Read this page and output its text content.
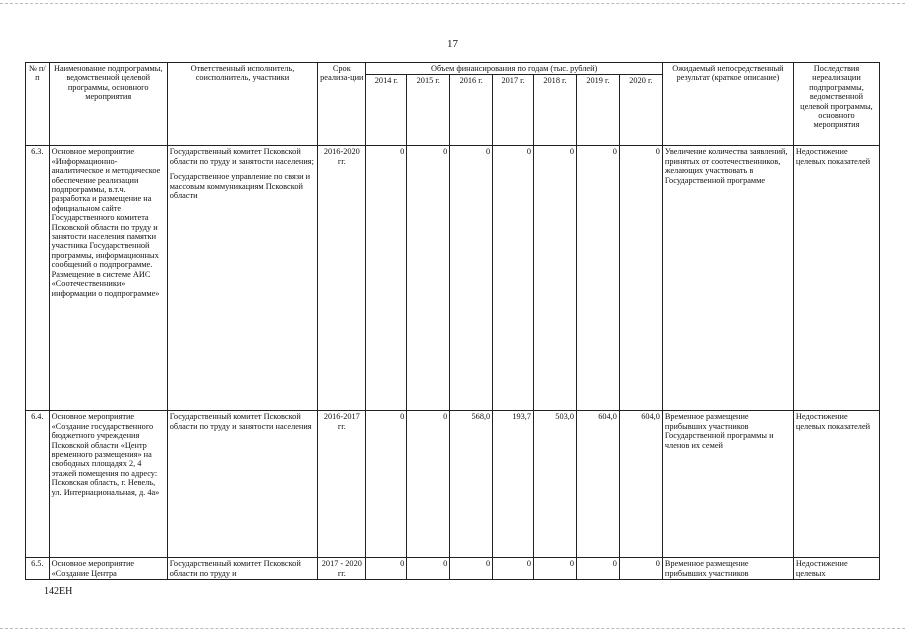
17
№ п/п	Наименование подпрограммы, ведомственной целевой программы, основного мероприятия	Ответственный исполнитель, соисполнитель, участники	Срок реализа-ции	Объем финансирования по годам (тыс. рублей)							Ожидаемый непосредственный результат (краткое описание)	Последствия нереализации подпрограммы, ведомственной целевой программы, основного мероприятия
				2014 г.	2015 г.	2016 г.	2017 г.	2018 г.	2019 г.	2020 г.		
6.3.	Основное мероприятие «Информационно-аналитическое и методическое обеспечение реализации подпрограммы, в.т.ч. разработка и размещение на официальном сайте Государственного комитета Псковской области по труду и занятости населения памятки участника Государственной программы, информационных сообщений о подпрограмме. Размещение в системе АИС «Соотечественники» информации о подпрограмме»	Государственный комитет Псковской области по труду и занятости населения;
Государственное управление по связи и массовым коммуникациям Псковской области	2016-2020 гг.	0	0	0	0	0	0	0	Увеличение количества заявлений, принятых от соотечественников, желающих участвовать в Государственной программе	Недостижение целевых показателей
6.4.	Основное мероприятие «Создание государственного бюджетного учреждения Псковской области «Центр временного размещения» на свободных площадях 2, 4 этажей помещения по адресу: Псковская область, г. Невель, ул. Интернациональная, д. 4а»	Государственный комитет Псковской области по труду и занятости населения	2016-2017 гг.	0	0	568,0	193,7	503,0	604,0	604,0	Временное размещение прибывших участников Государственной программы и членов их семей	Недостижение целевых показателей
6.5.	Основное мероприятие «Создание Центра	Государственный комитет Псковской области по труду и	2017 - 2020 гг.	0	0	0	0	0	0	0	Временное размещение прибывших участников	Недостижение целевых
142ЕН
